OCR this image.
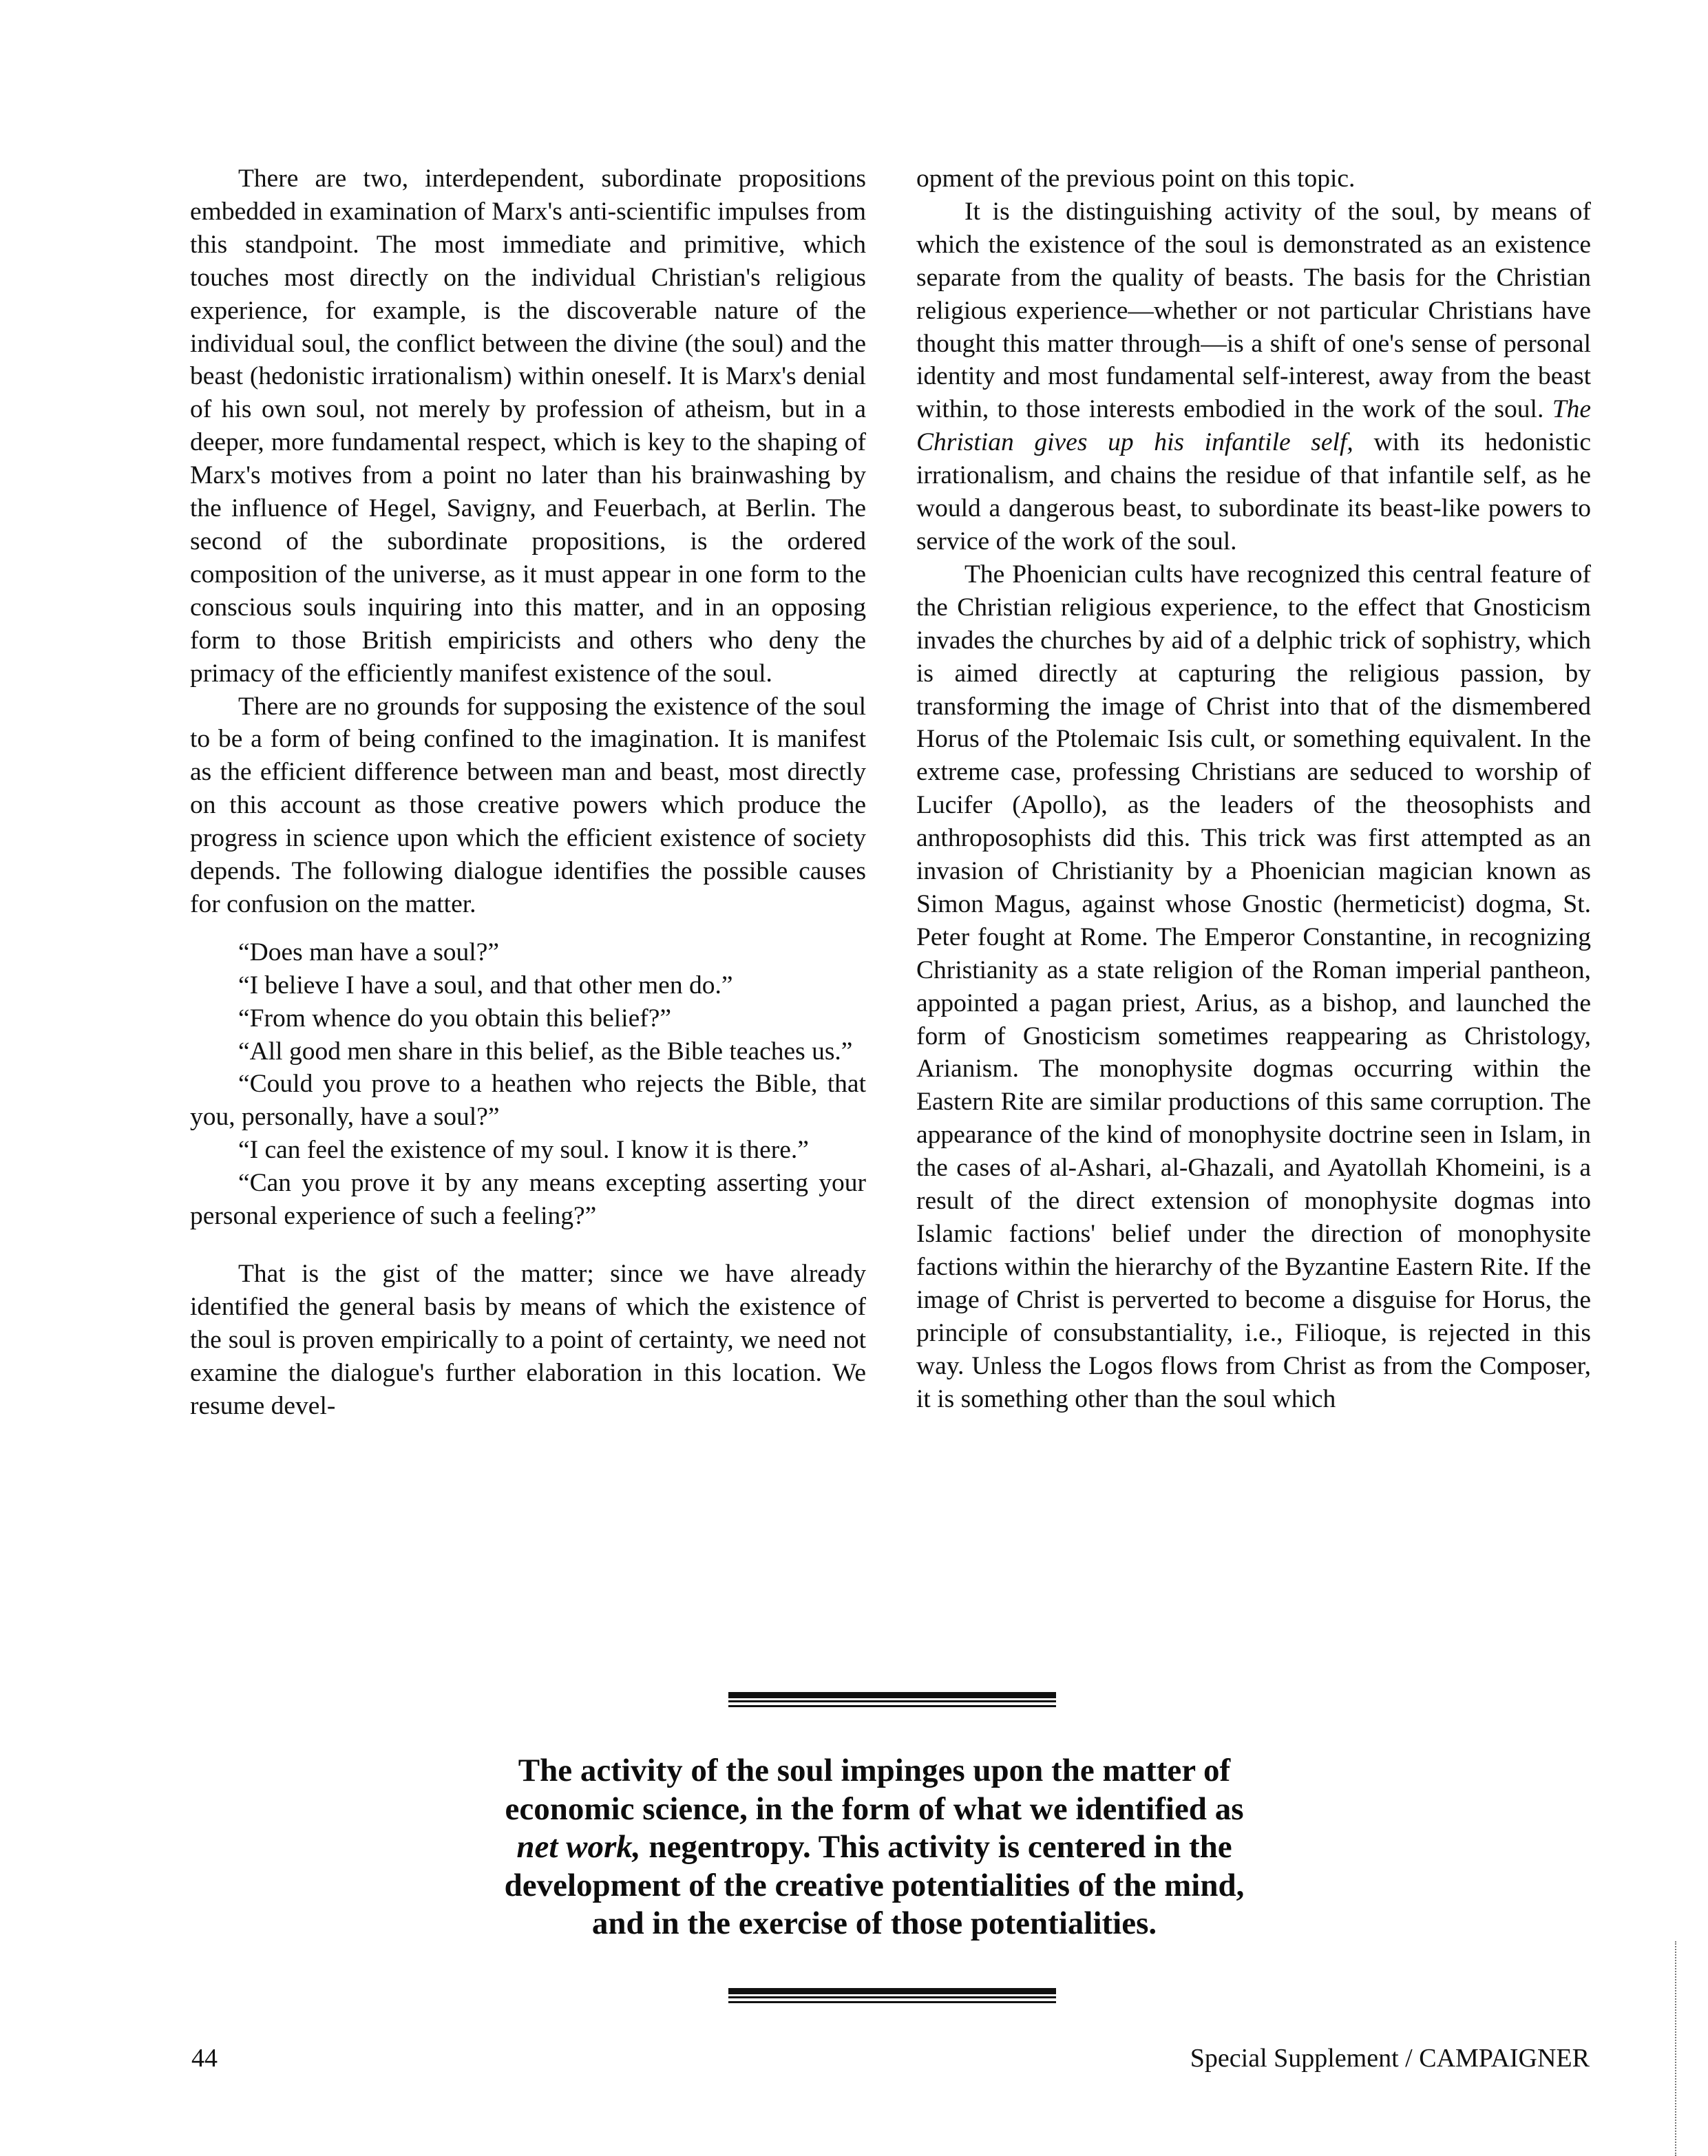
There are two, interdependent, subordinate propositions embedded in examination of Marx's anti-scientific impulses from this standpoint. The most immediate and primitive, which touches most directly on the individual Christian's religious experience, for example, is the discoverable nature of the individual soul, the conflict between the divine (the soul) and the beast (hedonistic irrationalism) within oneself. It is Marx's denial of his own soul, not merely by profession of atheism, but in a deeper, more fundamental respect, which is key to the shaping of Marx's motives from a point no later than his brainwashing by the influence of Hegel, Savigny, and Feuerbach, at Berlin. The second of the subordinate propositions, is the ordered composition of the universe, as it must appear in one form to the conscious souls inquiring into this matter, and in an opposing form to those British empiricists and others who deny the primacy of the efficiently manifest existence of the soul.

There are no grounds for supposing the existence of the soul to be a form of being confined to the imagination. It is manifest as the efficient difference between man and beast, most directly on this account as those creative powers which produce the progress in science upon which the efficient existence of society depends. The following dialogue identifies the possible causes for confusion on the matter.

“Does man have a soul?”

“I believe I have a soul, and that other men do.”

“From whence do you obtain this belief?”

“All good men share in this belief, as the Bible teaches us.”

“Could you prove to a heathen who rejects the Bible, that you, personally, have a soul?”

“I can feel the existence of my soul. I know it is there.”

“Can you prove it by any means excepting asserting your personal experience of such a feeling?”

That is the gist of the matter; since we have already identified the general basis by means of which the existence of the soul is proven empirically to a point of certainty, we need not examine the dialogue's further elaboration in this location. We resume devel-

opment of the previous point on this topic.

It is the distinguishing activity of the soul, by means of which the existence of the soul is demonstrated as an existence separate from the quality of beasts. The basis for the Christian religious experience—whether or not particular Christians have thought this matter through—is a shift of one's sense of personal identity and most fundamental self-interest, away from the beast within, to those interests embodied in the work of the soul. The Christian gives up his infantile self, with its hedonistic irrationalism, and chains the residue of that infantile self, as he would a dangerous beast, to subordinate its beast-like powers to service of the work of the soul.

The Phoenician cults have recognized this central feature of the Christian religious experience, to the effect that Gnosticism invades the churches by aid of a delphic trick of sophistry, which is aimed directly at capturing the religious passion, by transforming the image of Christ into that of the dismembered Horus of the Ptolemaic Isis cult, or something equivalent. In the extreme case, professing Christians are seduced to worship of Lucifer (Apollo), as the leaders of the theosophists and anthroposophists did this. This trick was first attempted as an invasion of Christianity by a Phoenician magician known as Simon Magus, against whose Gnostic (hermeticist) dogma, St. Peter fought at Rome. The Emperor Constantine, in recognizing Christianity as a state religion of the Roman imperial pantheon, appointed a pagan priest, Arius, as a bishop, and launched the form of Gnosticism sometimes reappearing as Christology, Arianism. The monophysite dogmas occurring within the Eastern Rite are similar productions of this same corruption. The appearance of the kind of monophysite doctrine seen in Islam, in the cases of al-Ashari, al-Ghazali, and Ayatollah Khomeini, is a result of the direct extension of monophysite dogmas into Islamic factions' belief under the direction of monophysite factions within the hierarchy of the Byzantine Eastern Rite. If the image of Christ is perverted to become a disguise for Horus, the principle of consubstantiality, i.e., Filioque, is rejected in this way. Unless the Logos flows from Christ as from the Composer, it is something other than the soul which

The activity of the soul impinges upon the matter of

economic science, in the form of what we identified as

net work, negentropy. This activity is centered in the

development of the creative potentialities of the mind,

and in the exercise of those potentialities.

44	Special Supplement / CAMPAIGNER
